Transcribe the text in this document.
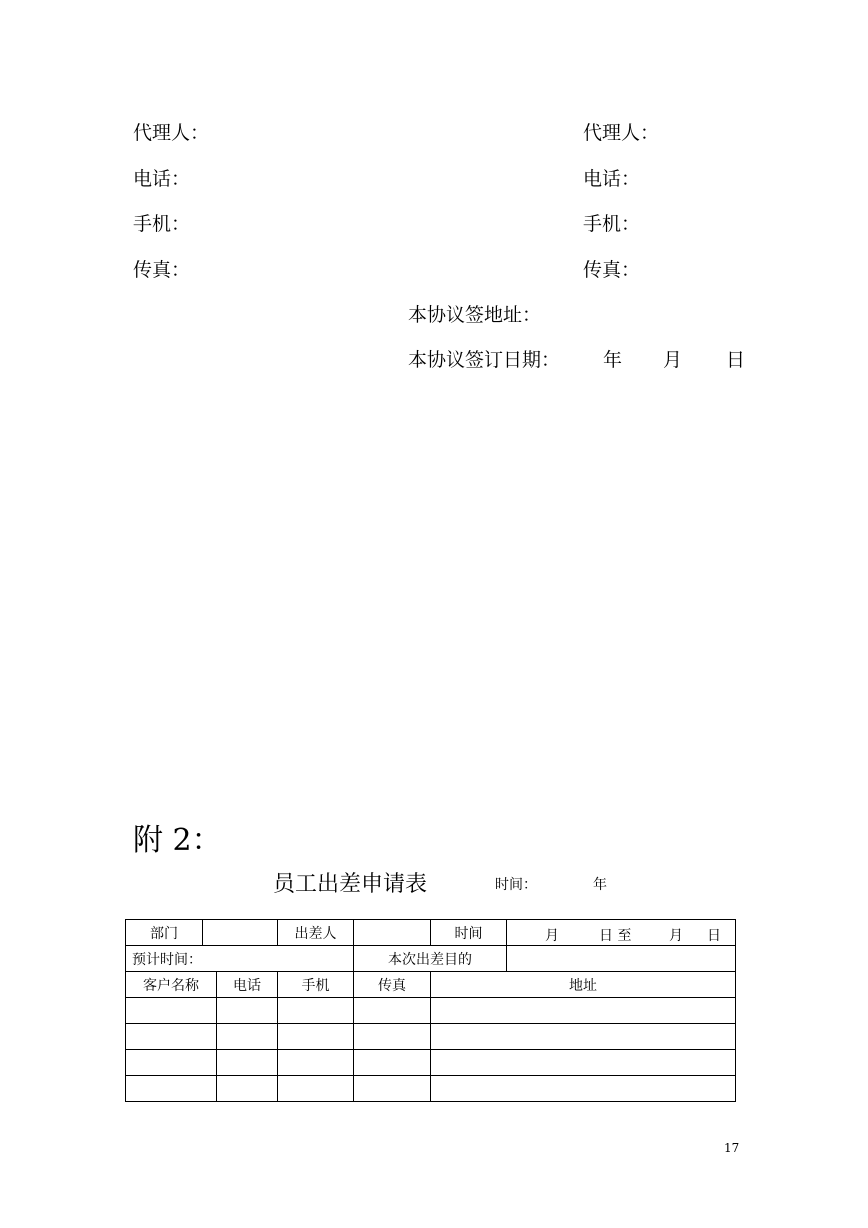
代理人：
电话：
手机：
传真：
代理人：
电话：
手机：
传真：
本协议签地址：
本协议签订日期： 年 月 日
附 2：
员工出差申请表	时间：	年
部门			出差人		时间	月 日 至 月 日

预计时间：				本次出差目的		
客户名称		电话	手机	传真	地址	

17
